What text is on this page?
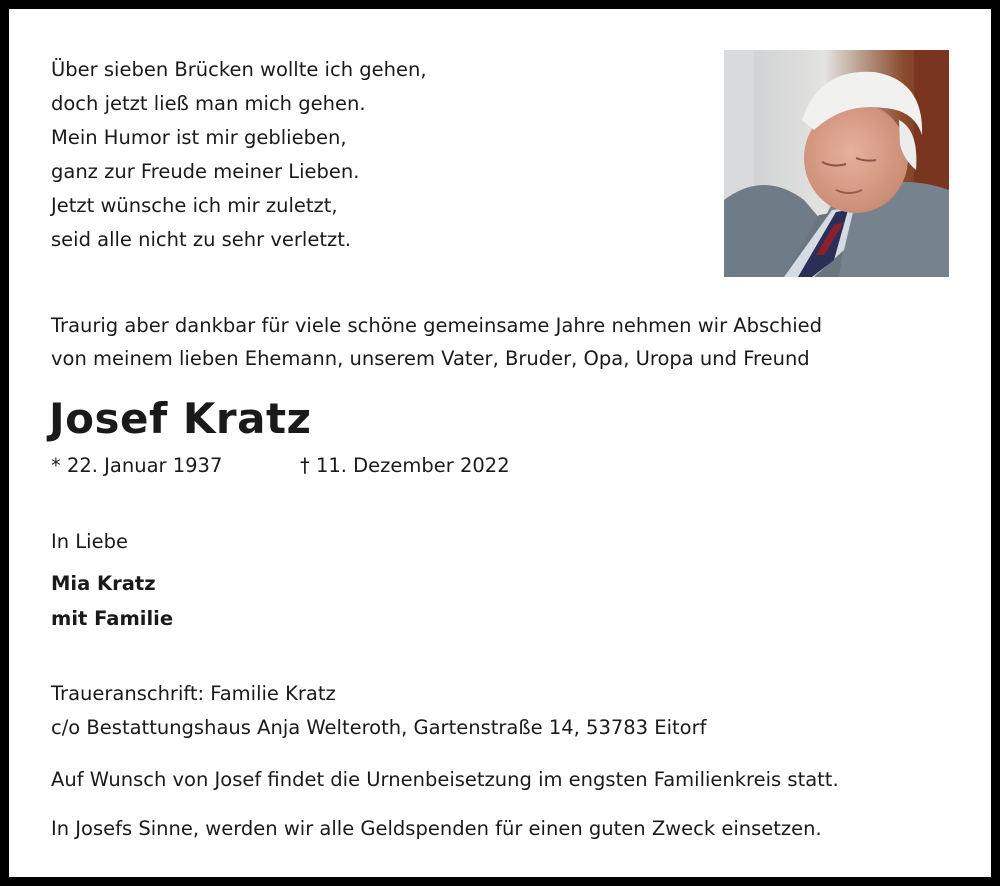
Über sieben Brücken wollte ich gehen,
doch jetzt ließ man mich gehen.
Mein Humor ist mir geblieben,
ganz zur Freude meiner Lieben.
Jetzt wünsche ich mir zuletzt,
seid alle nicht zu sehr verletzt.
Traurig aber dankbar für viele schöne gemeinsame Jahre nehmen wir Abschied
von meinem lieben Ehemann, unserem Vater, Bruder, Opa, Uropa und Freund
Josef Kratz
* 22. Januar 1937	† 11. Dezember 2022
In Liebe
Mia Kratz
mit Familie
Traueranschrift: Familie Kratz
c/o Bestattungshaus Anja Welteroth, Gartenstraße 14, 53783 Eitorf
Auf Wunsch von Josef findet die Urnenbeisetzung im engsten Familienkreis statt.
In Josefs Sinne, werden wir alle Geldspenden für einen guten Zweck einsetzen.
